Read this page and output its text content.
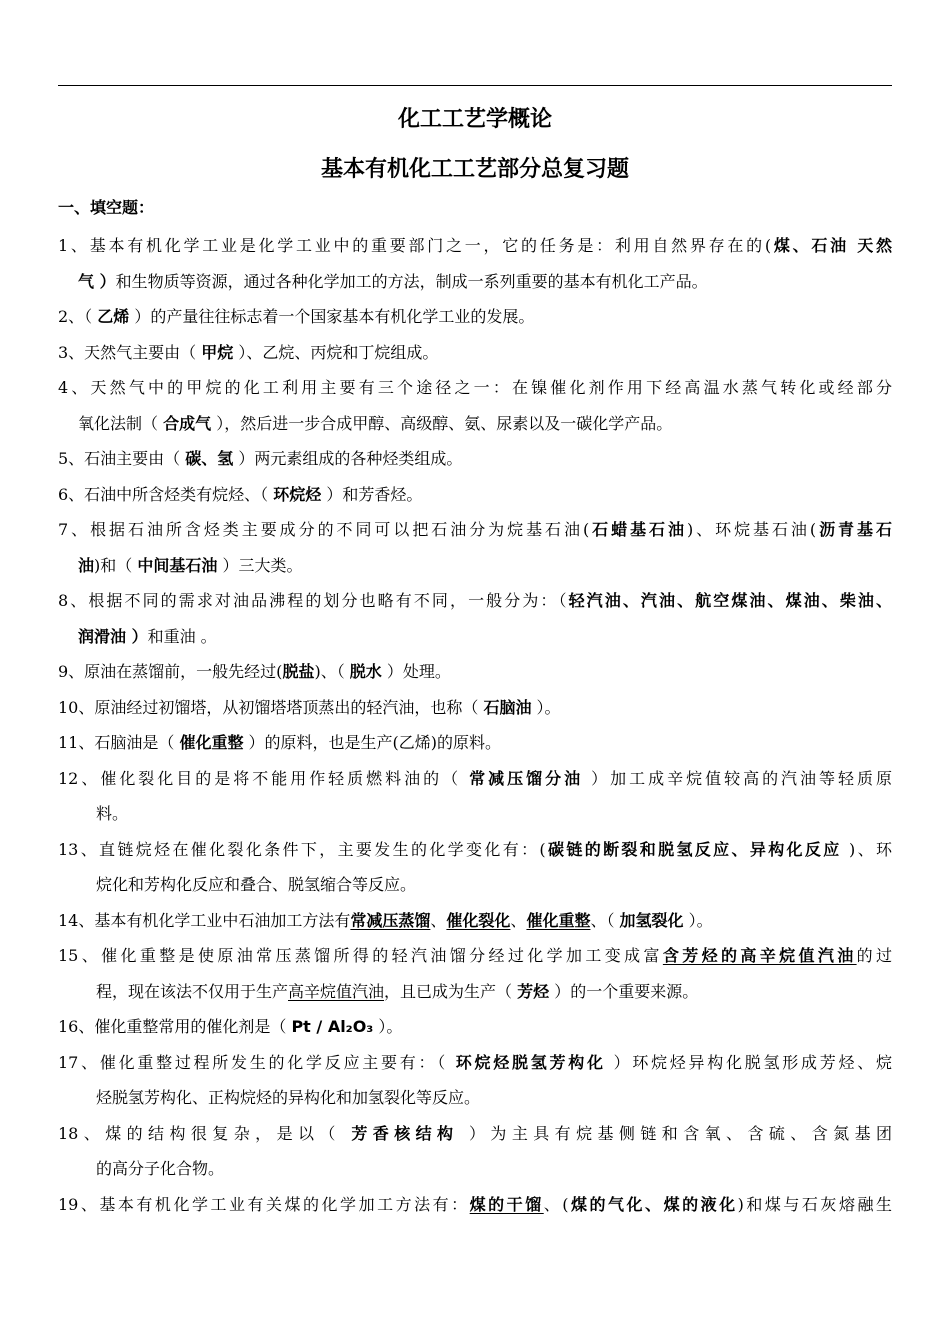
化工工艺学概论
基本有机化工工艺部分总复习题
一、填空题：
1、基本有机化学工业是化学工业中的重要部门之一，它的任务是：利用自然界存在的(煤、石油 天然
气 ）和生物质等资源，通过各种化学加工的方法，制成一系列重要的基本有机化工产品。
2、（ 乙烯 ）的产量往往标志着一个国家基本有机化学工业的发展。
3、天然气主要由（ 甲烷 ）、乙烷、丙烷和丁烷组成。
4、天然气中的甲烷的化工利用主要有三个途径之一：在镍催化剂作用下经高温水蒸气转化或经部分
氧化法制（ 合成气 ），然后进一步合成甲醇、高级醇、氨、尿素以及一碳化学产品。
5、石油主要由（ 碳、氢 ）两元素组成的各种烃类组成。
6、石油中所含烃类有烷烃、（ 环烷烃 ）和芳香烃。
7、根据石油所含烃类主要成分的不同可以把石油分为烷基石油(石蜡基石油)、环烷基石油(沥青基石
油)和（ 中间基石油 ）三大类。
8、根据不同的需求对油品沸程的划分也略有不同，一般分为：（轻汽油、汽油、航空煤油、煤油、柴油、
润滑油 ）和重油 。
9、原油在蒸馏前，一般先经过(脱盐)、（ 脱水 ）处理。
10、原油经过初馏塔，从初馏塔塔顶蒸出的轻汽油，也称（ 石脑油 ）。
11、石脑油是（ 催化重整 ）的原料，也是生产(乙烯)的原料。
12、催化裂化目的是将不能用作轻质燃料油的（ 常减压馏分油 ）加工成辛烷值较高的汽油等轻质原
料。
13、直链烷烃在催化裂化条件下，主要发生的化学变化有：(碳链的断裂和脱氢反应、异构化反应 )、环
烷化和芳构化反应和叠合、脱氢缩合等反应。
14、基本有机化学工业中石油加工方法有常减压蒸馏、催化裂化、催化重整、（ 加氢裂化 ）。
15、催化重整是使原油常压蒸馏所得的轻汽油馏分经过化学加工变成富含芳烃的高辛烷值汽油的过
程，现在该法不仅用于生产高辛烷值汽油，且已成为生产（ 芳烃 ）的一个重要来源。
16、催化重整常用的催化剂是（ Pt / Al₂O₃ ）。
17、催化重整过程所发生的化学反应主要有：（ 环烷烃脱氢芳构化 ）环烷烃异构化脱氢形成芳烃、烷
烃脱氢芳构化、正构烷烃的异构化和加氢裂化等反应。
18、煤的结构很复杂，是以（ 芳香核结构 ）为主具有烷基侧链和含氧、含硫、含氮基团
的高分子化合物。
19、基本有机化学工业有关煤的化学加工方法有：煤的干馏、(煤的气化、煤的液化)和煤与石灰熔融生
